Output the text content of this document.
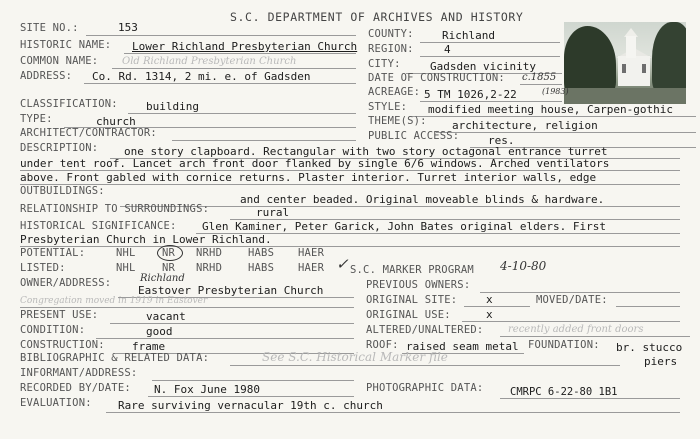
S.C. DEPARTMENT OF ARCHIVES AND HISTORY
SITE NO.:	153	COUNTY:	Richland
HISTORIC NAME: Lower Richland Presbyterian Church REGION:	4
COMMON NAME: Old Richland Presbyterian Church	CITY:	Gadsden vicinity
ADDRESS: Co. Rd. 1314, 2 mi. e. of Gadsden	DATE OF CONSTRUCTION: c.1855
ACREAGE: 5 TM 1026,2-22	(1983)
CLASSIFICATION:	building	STYLE: modified meeting house, Carpen-gothic
TYPE:	church	THEME(S): architecture, religion
ARCHITECT/CONTRACTOR:	PUBLIC ACCESS:	res.
DESCRIPTION: one story clapboard. Rectangular with two story octagonal entrance turret
under tent roof. Lancet arch front door flanked by single 6/6 windows. Arched ventilators
above. Front gabled with cornice returns. Plaster interior. Turret interior walls, edge
OUTBUILDINGS:
and center beaded. Original moveable blinds & hardware.
RELATIONSHIP TO SURROUNDINGS:	rural
HISTORICAL SIGNIFICANCE: Glen Kaminer, Peter Garick, John Bates original elders. First
Presbyterian Church in Lower Richland.
POTENTIAL:	NHL	NR NRHD HABS HAER
LISTED:	NHL	NR NRHD HABS HAER ✓ S.C. MARKER PROGRAM 4-10-80
Richland
OWNER/ADDRESS:
Eastover Presbyterian Church
Congregation moved in 1919 in Eastover
PREVIOUS OWNERS:
ORIGINAL SITE:	x	MOVED/DATE:
PRESENT USE:	vacant	ORIGINAL USE:	x
CONDITION:	good	ALTERED/UNALTERED: recently added front doors
CONSTRUCTION: frame	ROOF: raised seam metal FOUNDATION: br. stucco
piers
BIBLIOGRAPHIC & RELATED DATA:	See S.C. Historical Marker file
INFORMANT/ADDRESS:
RECORDED BY/DATE: N. Fox June 1980	PHOTOGRAPHIC DATA:	CMRPC 6-22-80 1B1
EVALUATION: Rare surviving vernacular 19th c. church
